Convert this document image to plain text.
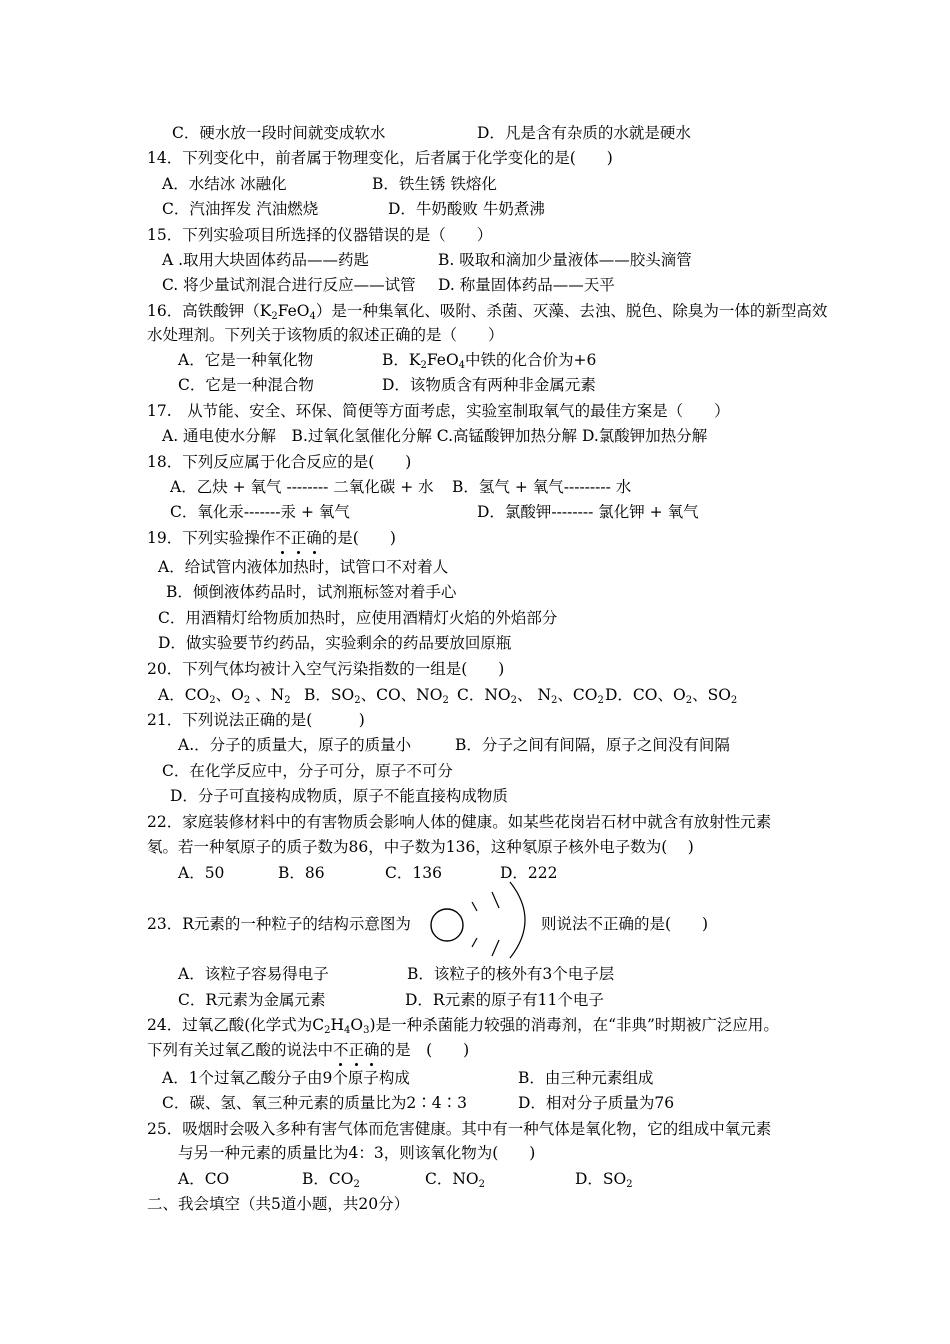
C．硬水放一段时间就变成软水	D．凡是含有杂质的水就是硬水
14．下列变化中，前者属于物理变化，后者属于化学变化的是(　　)
A．水结冰 冰融化	B．铁生锈 铁熔化
C．汽油挥发 汽油燃烧	D．牛奶酸败 牛奶煮沸
15．下列实验项目所选择的仪器错误的是（　　）
A .取用大块固体药品——药匙	B. 吸取和滴加少量液体——胶头滴管
C. 将少量试剂混合进行反应——试管 D. 称量固体药品——天平
16．高铁酸钾$(K_2FeO_4)$是一种集氧化、吸附、杀菌、灭藻、去浊、脱色、除臭为一体的新型高效
水处理剂。下列关于该物质的叙述正确的是（　　）
A．它是一种氧化物	B．$K_2FeO_4$中铁的化合价为+6
C．它是一种混合物	D．该物质含有两种非金属元素
17.　从节能、安全、环保、简便等方面考虑，实验室制取氧气的最佳方案是（　　）
A. 通电使水分解　B.过氧化氢催化分解 C.高锰酸钾加热分解 D.氯酸钾加热分解
18．下列反应属于化合反应的是(　　)
A．乙炔 + 氧气 -------- 二氧化碳 + 水 B．氢气 + 氧气--------- 水
C．氧化汞-------汞 + 氧气	D．氯酸钾-------- 氯化钾 + 氧气
19．下列实验操作不正确的是(　　)
A．给试管内液体加热时，试管口不对着人
B．倾倒液体药品时，试剂瓶标签对着手心
C．用酒精灯给物质加热时，应使用酒精灯火焰的外焰部分
D．做实验要节约药品，实验剩余的药品要放回原瓶
20．下列气体均被计入空气污染指数的一组是(　　)
A．$CO_2$、$O_2$ 、$N_2$ B．$SO_2$、CO、$NO_2$ C．$NO_2$、 $N_2$、$CO_2$ D．CO、$O_2$、$SO_2$
21．下列说法正确的是(　　　)
A.．分子的质量大，原子的质量小	B．分子之间有间隔，原子之间没有间隔
C．在化学反应中，分子可分，原子不可分
D．分子可直接构成物质，原子不能直接构成物质
22．家庭装修材料中的有害物质会影响人体的健康。如某些花岗岩石材中就含有放射性元素
氡。若一种氡原子的质子数为86，中子数为136，这种氡原子核外电子数为(　 )
A．50	B．86	C．136	D．222
23．R元素的一种粒子的结构示意图为	则说法不正确的是(　　)
A．该粒子容易得电子	B．该粒子的核外有3个电子层
C．R元素为金属元素	D．R元素的原子有11个电子
24．过氧乙酸(化学式为$C_2H_4O_3$)是一种杀菌能力较强的消毒剂，在“非典”时期被广泛应用。
下列有关过氧乙酸的说法中不正确的是　(　　)
A．1个过氧乙酸分子由9个原子构成	B．由三种元素组成
C．碳、氢、氧三种元素的质量比为2∶4∶3	D．相对分子质量为76
25．吸烟时会吸入多种有害气体而危害健康。其中有一种气体是氧化物，它的组成中氧元素
与另一种元素的质量比为4：3，则该氧化物为(　　)
A．CO	B．$CO_2$	C．$NO_2$	D．$SO_2$
二、我会填空（共5道小题，共20分）
